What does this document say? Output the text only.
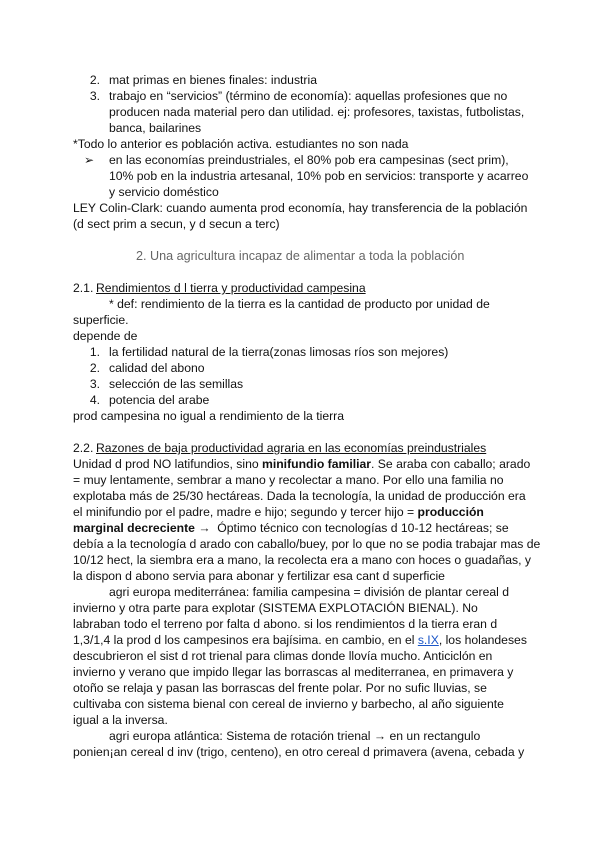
2. mat primas en bienes finales: industria
3. trabajo en “servicios” (término de economía): aquellas profesiones que no
producen nada material pero dan utilidad. ej: profesores, taxistas, futbolistas,
banca, bailarines
*Todo lo anterior es población activa. estudiantes no son nada
➢ en las economías preindustriales, el 80% pob era campesinas (sect prim),
10% pob en la industria artesanal, 10% pob en servicios: transporte y acarreo
y servicio doméstico
LEY Colin-Clark: cuando aumenta prod economía, hay transferencia de la población
(d sect prim a secun, y d secun a terc)
2. Una agricultura incapaz de alimentar a toda la población
2.1. Rendimientos d l tierra y productividad campesina
* def: rendimiento de la tierra es la cantidad de producto por unidad de
superficie.
depende de
1. la fertilidad natural de la tierra(zonas limosas ríos son mejores)
2. calidad del abono
3. selección de las semillas
4. potencia del arabe
prod campesina no igual a rendimiento de la tierra
2.2. Razones de baja productividad agraria en las economías preindustriales
Unidad d prod NO latifundios, sino minifundio familiar. Se araba con caballo; arado
= muy lentamente, sembrar a mano y recolectar a mano. Por ello una familia no
explotaba más de 25/30 hectáreas. Dada la tecnología, la unidad de producción era
el minifundio por el padre, madre e hijo; segundo y tercer hijo = producción
marginal decreciente → Óptimo técnico con tecnologías d 10-12 hectáreas; se
debía a la tecnología d arado con caballo/buey, por lo que no se podia trabajar mas de
10/12 hect, la siembra era a mano, la recolecta era a mano con hoces o guadañas, y
la dispon d abono servia para abonar y fertilizar esa cant d superficie
agri europa mediterránea: familia campesina = división de plantar cereal d
invierno y otra parte para explotar (SISTEMA EXPLOTACIÓN BIENAL). No
labraban todo el terreno por falta d abono. si los rendimientos d la tierra eran d
1,3/1,4 la prod d los campesinos era bajísima. en cambio, en el s.IX, los holandeses
descubrieron el sist d rot trienal para climas donde llovía mucho. Anticiclón en
invierno y verano que impido llegar las borrascas al mediterranea, en primavera y
otoño se relaja y pasan las borrascas del frente polar. Por no sufic lluvias, se
cultivaba con sistema bienal con cereal de invierno y barbecho, al año siguiente
igual a la inversa.
agri europa atlántica: Sistema de rotación trienal → en un rectangulo
ponien¡an cereal d inv (trigo, centeno), en otro cereal d primavera (avena, cebada y
